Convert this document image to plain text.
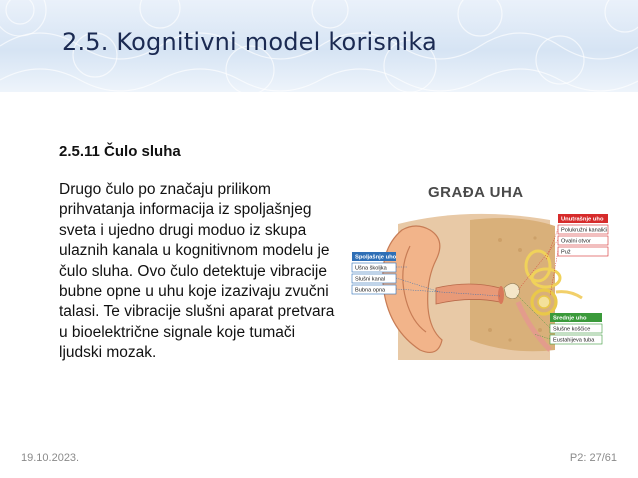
2.5. Kognitivni model korisnika
2.5.11 Čulo sluha
Drugo čulo po značaju prilikom prihvatanja informacija iz spoljašnjeg sveta i ujedno drugi moduo iz skupa ulaznih kanala u kognitivnom modelu je čulo sluha. Ovo čulo detektuje vibracije bubne opne u uhu koje izazivaju zvučni talasi. Te vibracije slušni aparat pretvara u bioelektrične signale koje tumači ljudski mozak.
GRAĐA UHA
Spoljašnje uho
Ušna školjka
Slušni kanal
Bubna opna
Unutrašnje uho
Polukružni kanalići
Ovalni otvor
Puž
Srednje uho
Slušne koščice
Eustahijeva tuba
19.10.2023.	P2: 27/61
